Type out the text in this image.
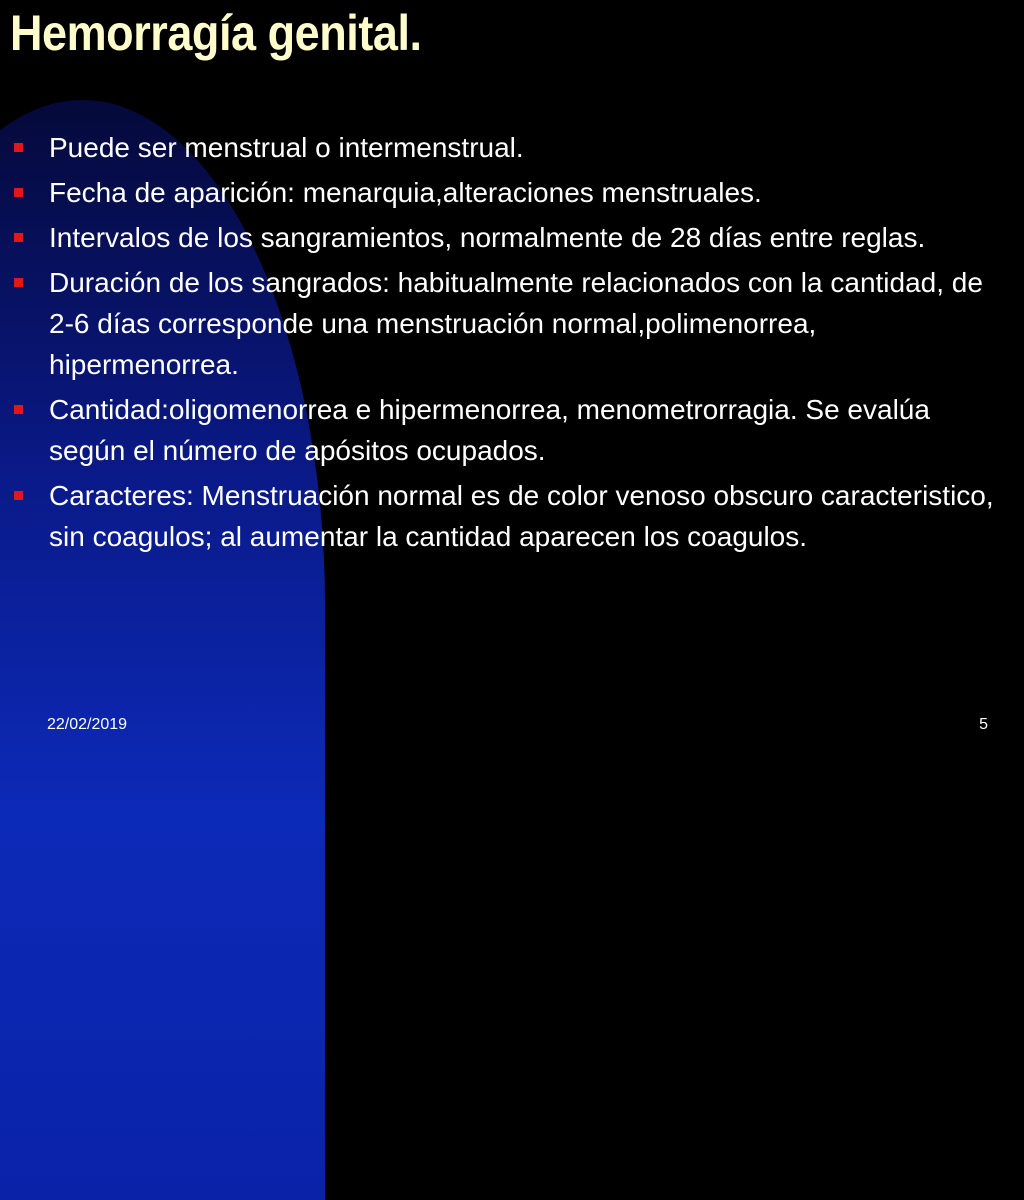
Hemorragía genital.
Puede ser menstrual o intermenstrual.
Fecha de aparición: menarquia,alteraciones menstruales.
Intervalos de los sangramientos, normalmente de 28 días entre reglas.
Duración de los sangrados: habitualmente relacionados con la cantidad, de 2-6 días corresponde una menstruación normal,polimenorrea, hipermenorrea.
Cantidad:oligomenorrea e hipermenorrea, menometrorragia. Se evalúa según el número de apósitos ocupados.
Caracteres: Menstruación normal es de color venoso obscuro caracteristico, sin coagulos; al aumentar la cantidad aparecen los coagulos.
22/02/2019	5
